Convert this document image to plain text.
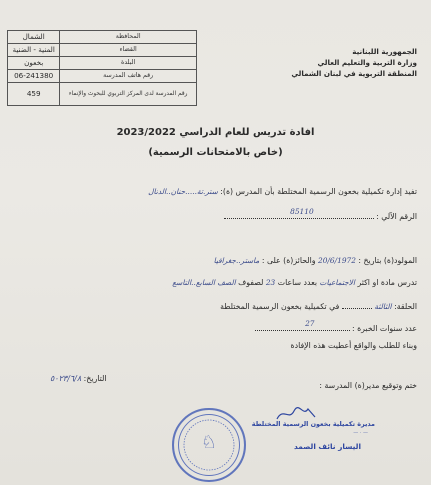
المحافظة	الشمال
القضاء	المنية - الضنية
البلدة	بخعون
رقم هاتف المدرسة	06-241380
رقم المدرسة لدى المركز التربوي للبحوث والإنماء	459
الجمهورية اللبنانية
وزارة التربية والتعليم العالي
المنطقة التربوية في لبنان الشمالي
افادة تدريس للعام الدراسي 2023/2022
(خاص بالامتحانات الرسمية)
تفيد إدارة تكميلية بخعون الرسمية المختلطة بأن المدرس (ة): ستر.تة.....حنان..الدنال
الرقم الآلي :
85110
المولود(ة) بتاريخ : 20/6/1972 والحائز(ة) على : ماستر..جغرافيا
تدرس مادة او اكثر الاجتماعيات بعدد ساعات 23 لصفوف الصف السابع..التاسع
الحلقة: الثالثة  في تكميلية بخعون الرسمية المختلطة
عدد سنوات الخبرة :
27
وبناء للطلب والواقع أعطيت هذه الإفادة
التاريخ: ٥٠٢٣/٦/٨
ختم وتوقيع مدير(ة) المدرسة :
♘
مديرة تكميلية بخعون الرسمية المختلطة
— · —
اليسار نائف الصمد
